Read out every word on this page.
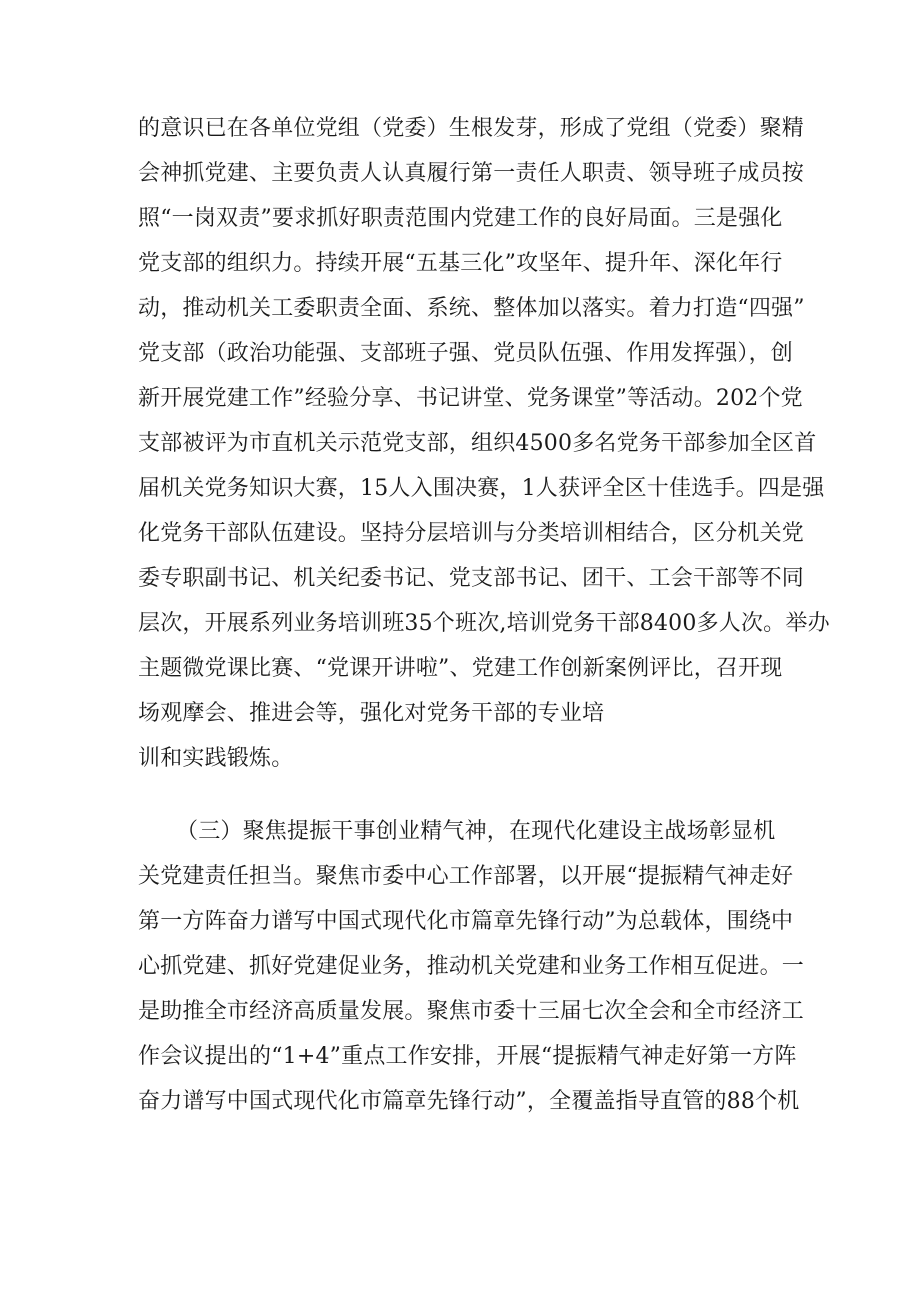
的意识已在各单位党组（党委）生根发芽，形成了党组（党委）聚精
会神抓党建、主要负责人认真履行第一责任人职责、领导班子成员按
照“一岗双责”要求抓好职责范围内党建工作的良好局面。三是强化
党支部的组织力。持续开展“五基三化”攻坚年、提升年、深化年行
动，推动机关工委职责全面、系统、整体加以落实。着力打造“四强”
党支部（政治功能强、支部班子强、党员队伍强、作用发挥强），创
新开展党建工作”经验分享、书记讲堂、党务课堂”等活动。202个党
支部被评为市直机关示范党支部，组织4500多名党务干部参加全区首
届机关党务知识大赛，15人入围决赛，1人获评全区十佳选手。四是强
化党务干部队伍建设。坚持分层培训与分类培训相结合，区分机关党
委专职副书记、机关纪委书记、党支部书记、团干、工会干部等不同
层次，开展系列业务培训班35个班次,培训党务干部8400多人次。举办
主题微党课比赛、“党课开讲啦”、党建工作创新案例评比，召开现
场观摩会、推进会等，强化对党务干部的专业培
训和实践锻炼。
（三）聚焦提振干事创业精气神，在现代化建设主战场彰显机
关党建责任担当。聚焦市委中心工作部署，以开展“提振精气神走好
第一方阵奋力谱写中国式现代化市篇章先锋行动”为总载体，围绕中
心抓党建、抓好党建促业务，推动机关党建和业务工作相互促进。一
是助推全市经济高质量发展。聚焦市委十三届七次全会和全市经济工
作会议提出的“1+4”重点工作安排，开展“提振精气神走好第一方阵
奋力谱写中国式现代化市篇章先锋行动”，全覆盖指导直管的88个机
